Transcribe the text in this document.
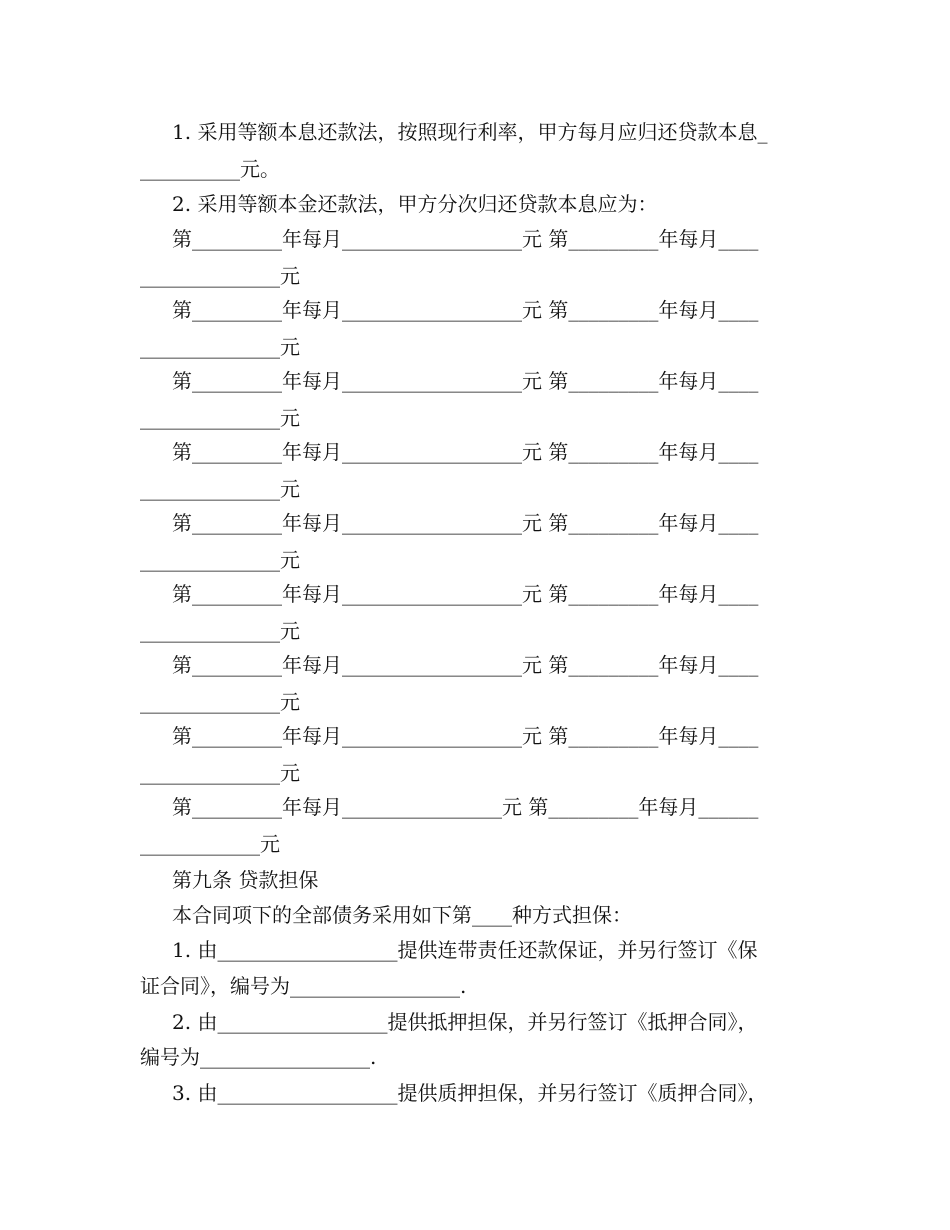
1. 采用等额本息还款法，按照现行利率，甲方每月应归还贷款本息_
__________元。
2. 采用等额本金还款法，甲方分次归还贷款本息应为：
第_________年每月__________________元 第_________年每月____
______________元
第_________年每月__________________元 第_________年每月____
______________元
第_________年每月__________________元 第_________年每月____
______________元
第_________年每月__________________元 第_________年每月____
______________元
第_________年每月__________________元 第_________年每月____
______________元
第_________年每月__________________元 第_________年每月____
______________元
第_________年每月__________________元 第_________年每月____
______________元
第_________年每月__________________元 第_________年每月____
______________元
第_________年每月________________元 第_________年每月______
____________元
第九条 贷款担保
本合同项下的全部债务采用如下第____种方式担保：
1. 由__________________提供连带责任还款保证，并另行签订《保
证合同》，编号为_________________.
2. 由_________________提供抵押担保，并另行签订《抵押合同》，
编号为_________________.
3. 由__________________提供质押担保，并另行签订《质押合同》，
